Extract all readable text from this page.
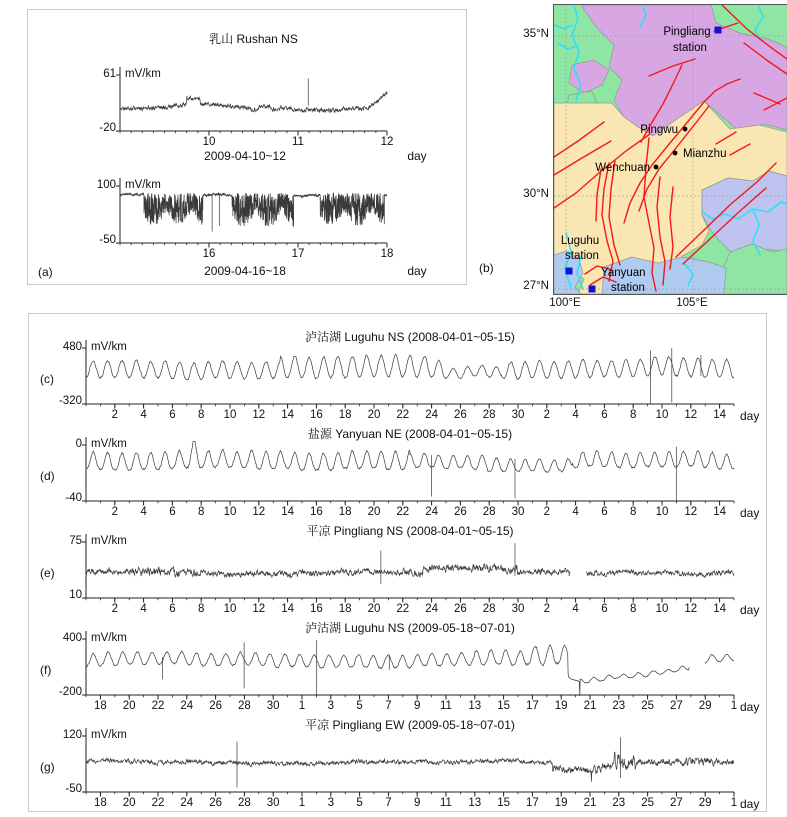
乳山 Rushan NS
(a)	(b)
Pingliang
station
Pingwu
Mianzhu
Wenchuan
Luguhu
station
Yanyuan
station
35°N
30°N
27°N
100°E	105°E
61
-20
mV/km
10	11	12
2009-04-10~12	day
100
-50
mV/km
16	17	18
2009-04-16~18	day
泸沽湖 Luguhu NS (2008-04-01~05-15)
(c)
480
-320
mV/km
2	4	6	8	10	12	14	16	18	20	22	24	26	28	30	2	4	6	8	10	12	14	day
盐源 Yanyuan NE (2008-04-01~05-15)
(d)
0
-40
mV/km
2	4	6	8	10	12	14	16	18	20	22	24	26	28	30	2	4	6	8	10	12	14	day
平凉 Pingliang NS (2008-04-01~05-15)
(e)
75
10
mV/km
2	4	6	8	10	12	14	16	18	20	22	24	26	28	30	2	4	6	8	10	12	14	day
泸沽湖 Luguhu NS (2009-05-18~07-01)
(f)
400
-200
mV/km
18	20	22	24	26	28	30	1	3	5	7	9	11	13	15	17	19	21	23	25	27	29	1 day
平凉 Pingliang EW (2009-05-18~07-01)
(g)
120
-50
mV/km
18	20	22	24	26	28	30	1	3	5	7	9	11	13	15	17	19	21	23	25	27	29	1 day
